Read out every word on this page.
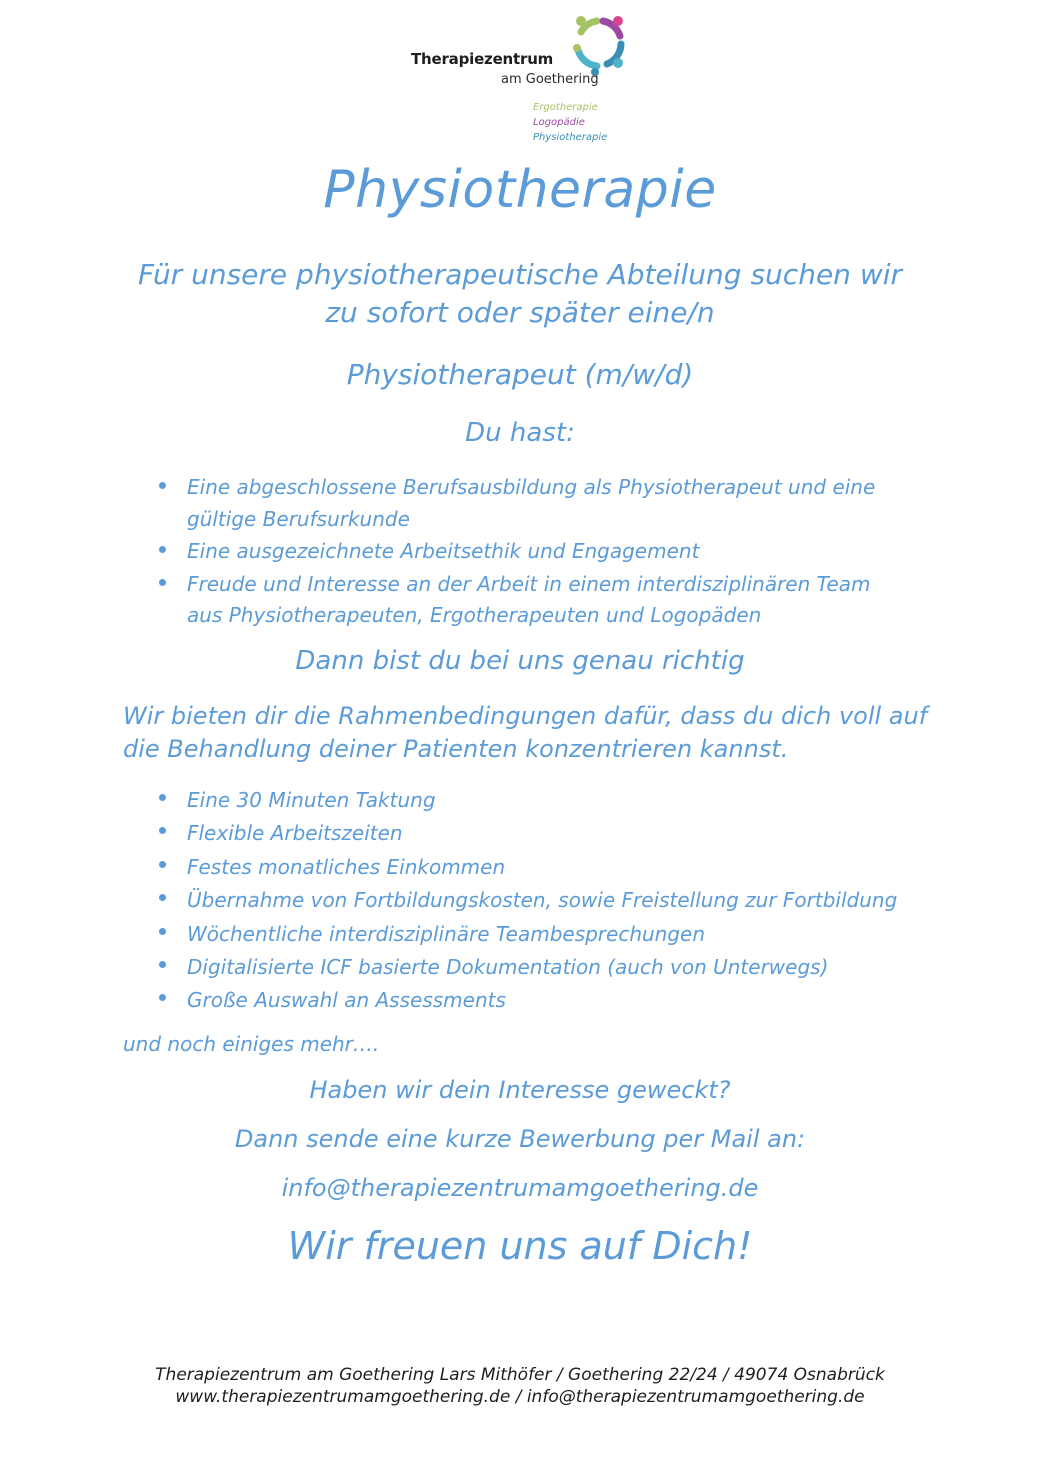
Therapiezentrum
am Goethering
Ergotherapie
Logopädie
Physiotherapie
Physiotherapie
Für unsere physiotherapeutische Abteilung suchen wir
zu sofort oder später eine/n
Physiotherapeut (m/w/d)
Du hast:
Eine abgeschlossene Berufsausbildung als Physiotherapeut und eine
gültige Berufsurkunde
Eine ausgezeichnete Arbeitsethik und Engagement
Freude und Interesse an der Arbeit in einem interdisziplinären Team
aus Physiotherapeuten, Ergotherapeuten und Logopäden
Dann bist du bei uns genau richtig
Wir bieten dir die Rahmenbedingungen dafür, dass du dich voll auf
die Behandlung deiner Patienten konzentrieren kannst.
Eine 30 Minuten Taktung
Flexible Arbeitszeiten
Festes monatliches Einkommen
Übernahme von Fortbildungskosten, sowie Freistellung zur Fortbildung
Wöchentliche interdisziplinäre Teambesprechungen
Digitalisierte ICF basierte Dokumentation (auch von Unterwegs)
Große Auswahl an Assessments
und noch einiges mehr….
Haben wir dein Interesse geweckt?
Dann sende eine kurze Bewerbung per Mail an:
info@therapiezentrumamgoethering.de
Wir freuen uns auf Dich!
Therapiezentrum am Goethering Lars Mithöfer / Goethering 22/24 / 49074 Osnabrück
www.therapiezentrumamgoethering.de / info@therapiezentrumamgoethering.de
